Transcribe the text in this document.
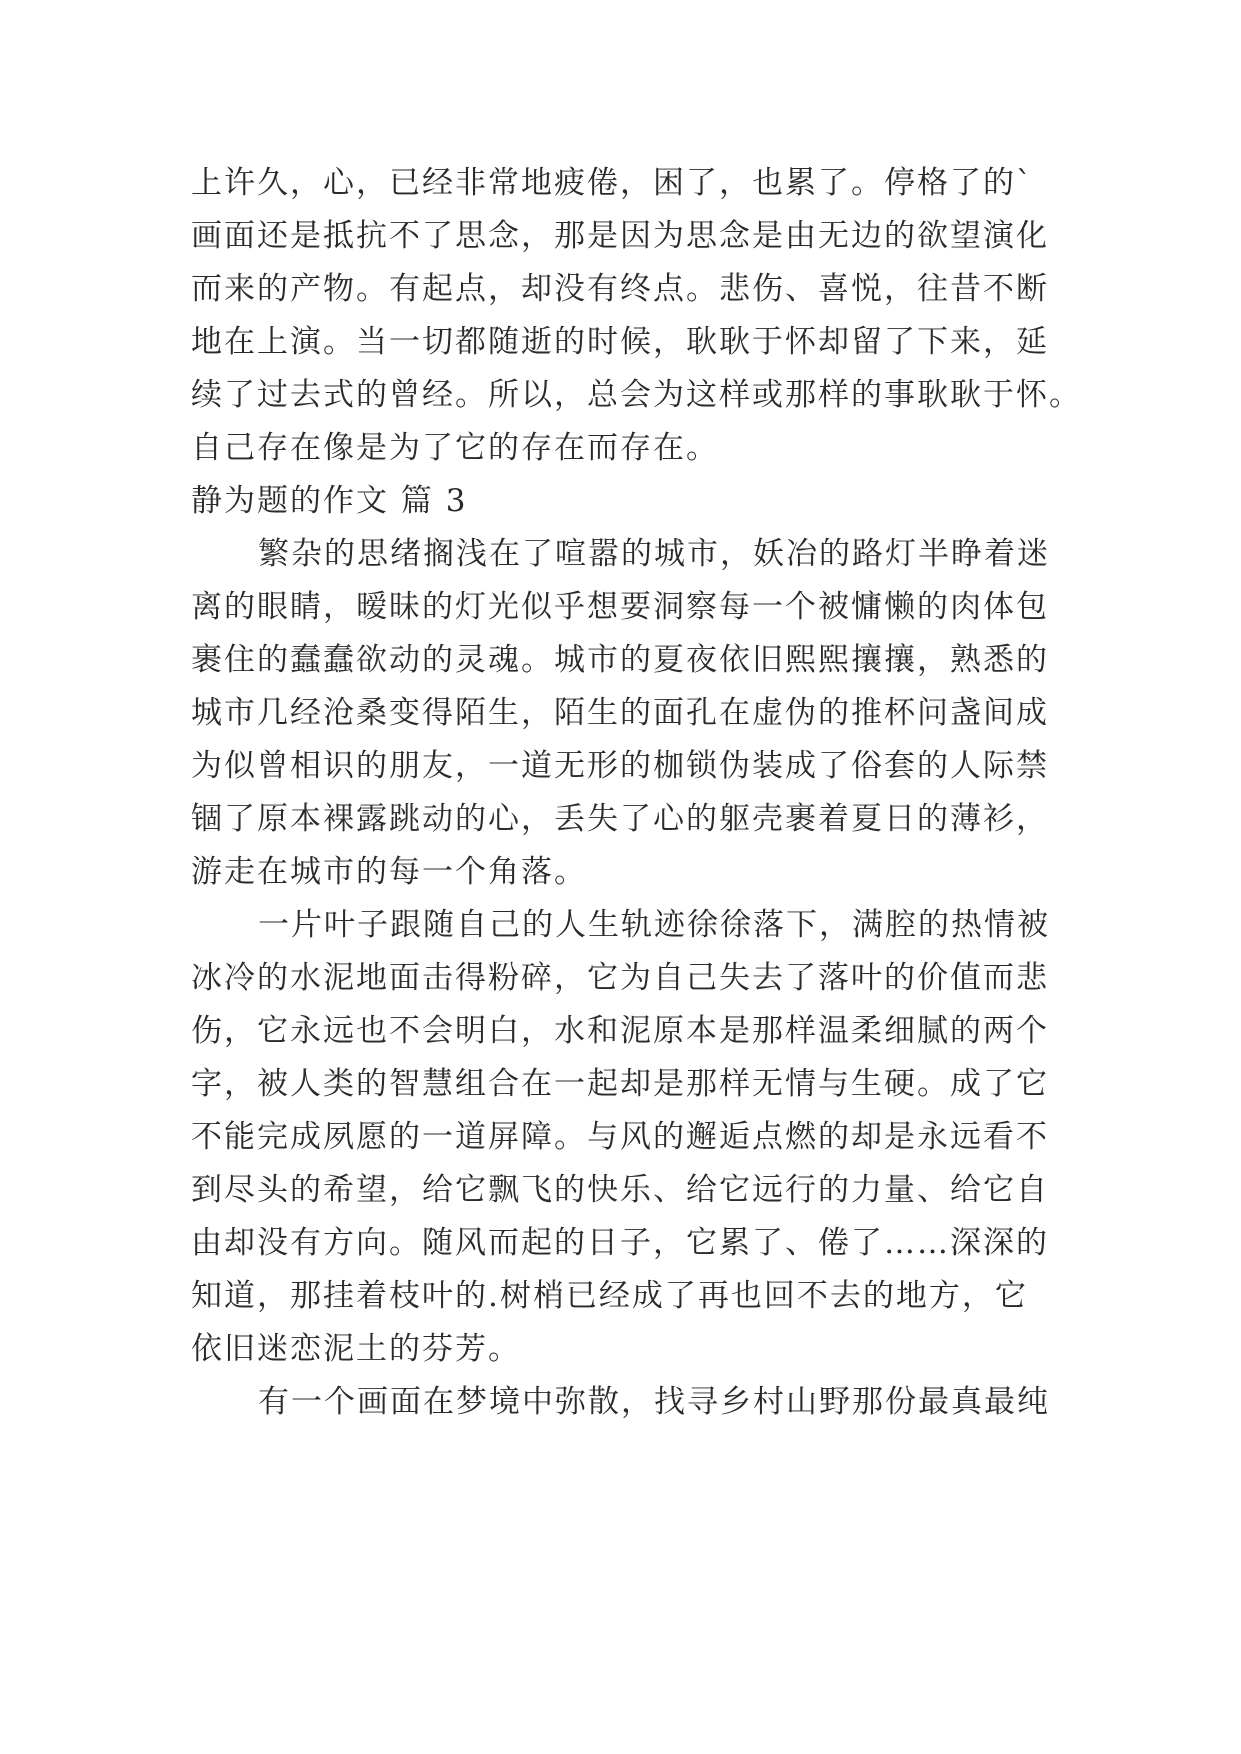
上许久，心，已经非常地疲倦，困了，也累了。停格了的`
画面还是抵抗不了思念，那是因为思念是由无边的欲望演化
而来的产物。有起点，却没有终点。悲伤、喜悦，往昔不断
地在上演。当一切都随逝的时候，耿耿于怀却留了下来，延
续了过去式的曾经。所以，总会为这样或那样的事耿耿于怀。
自己存在像是为了它的存在而存在。
静为题的作文 篇 3
繁杂的思绪搁浅在了喧嚣的城市，妖冶的路灯半睁着迷
离的眼睛，暧昧的灯光似乎想要洞察每一个被慵懒的肉体包
裹住的蠢蠢欲动的灵魂。城市的夏夜依旧熙熙攘攘，熟悉的
城市几经沧桑变得陌生，陌生的面孔在虚伪的推杯问盏间成
为似曾相识的朋友，一道无形的枷锁伪装成了俗套的人际禁
锢了原本裸露跳动的心，丢失了心的躯壳裹着夏日的薄衫，
游走在城市的每一个角落。
一片叶子跟随自己的人生轨迹徐徐落下，满腔的热情被
冰冷的水泥地面击得粉碎，它为自己失去了落叶的价值而悲
伤，它永远也不会明白，水和泥原本是那样温柔细腻的两个
字，被人类的智慧组合在一起却是那样无情与生硬。成了它
不能完成夙愿的一道屏障。与风的邂逅点燃的却是永远看不
到尽头的希望，给它飘飞的快乐、给它远行的力量、给它自
由却没有方向。随风而起的日子，它累了、倦了……深深的
知道，那挂着枝叶的.树梢已经成了再也回不去的地方，它
依旧迷恋泥土的芬芳。
有一个画面在梦境中弥散，找寻乡村山野那份最真最纯
